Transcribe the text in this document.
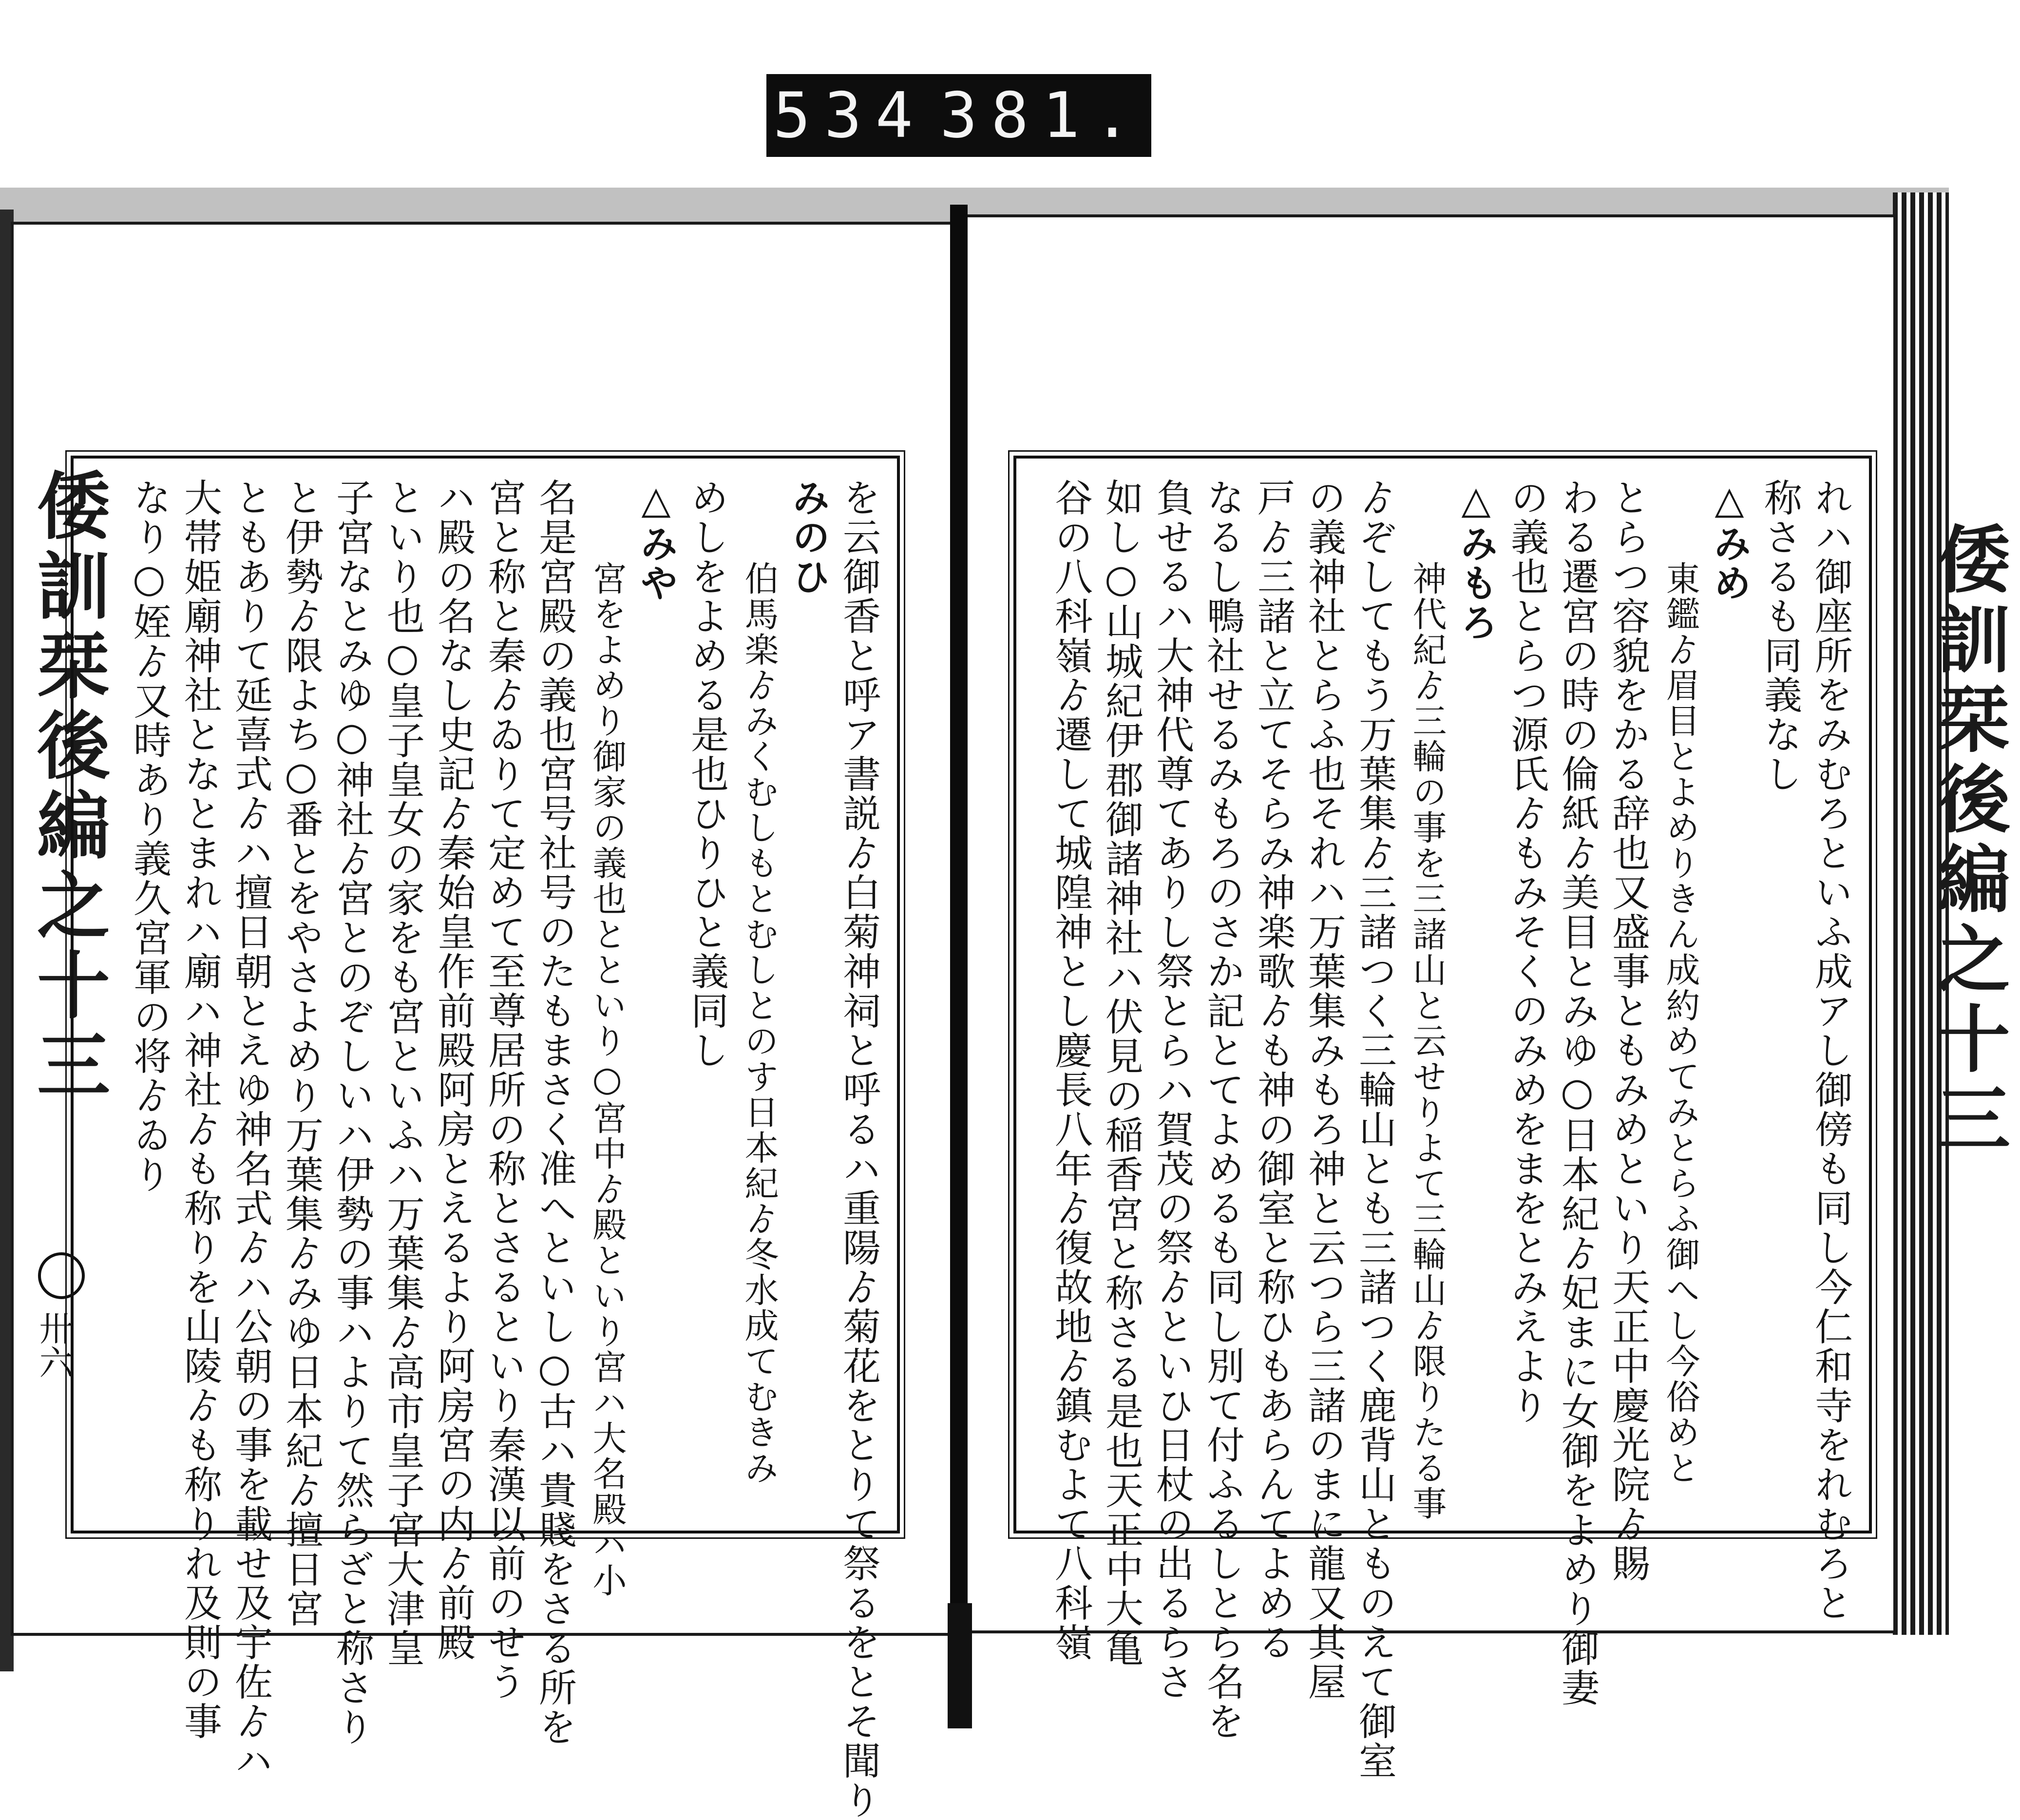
534 381.
倭訓栞後編之十三	倭訓栞後編之十三
卅六	を云御香と呼ア書説ゟ白菊神祠と呼るハ重陽ゟ菊花をとりて祭るをとそ聞り
みのひ
伯馬楽ゟみくむしもとむしとのす日本紀ゟ冬水成てむきみ
めしをよめる是也ひりひと義同し
△みや
宮をよめり御家の義也とといり○宮中ゟ殿といり宮ハ大名殿ハ小
名是宮殿の義也宮号社号のたもまさく准へといし○古ハ貴賤をさる所を
宮と称と秦ゟゐりて定めて至尊居所の称とさるといり秦漢以前のせう
ハ殿の名なし史記ゟ秦始皇作前殿阿房とえるより阿房宮の内ゟ前殿
といり也○皇子皇女の家をも宮といふハ万葉集ゟ高市皇子宮大津皇
子宮なとみゆ○神社ゟ宮とのぞしいハ伊勢の事ハよりて然らざと称さり
と伊勢ゟ限よち○番とをやさよめり万葉集ゟみゆ日本紀ゟ擅日宮
ともありて延喜式ゟハ擅日朝とえゆ神名式ゟハ公朝の事を載せ及宇佐ゟハ
大帯姫廟神社となとまれハ廟ハ神社ゟも称りを山陵ゟも称りれ及則の事
なり○姪ゟ又時あり義久宮軍の将ゟゐり	れハ御座所をみむろといふ成アし御傍も同し今仁和寺をれむろと
称さるも同義なし
△みめ
東鑑ゟ眉目とよめりきん成約めてみとらふ御へし今俗めと
とらつ容貌をかる辞也又盛事ともみめといり天正中慶光院ゟ賜
わる遷宮の時の倫紙ゟ美目とみゆ○日本紀ゟ妃まに女御をよめり御妻
の義也とらつ源氏ゟもみそくのみめをまをとみえより
△みもろ
神代紀ゟ三輪の事を三諸山と云せりよて三輪山ゟ限りたる事
ゟぞしてもう万葉集ゟ三諸つく三輪山とも三諸つく鹿背山とものえて御室
の義神社とらふ也それハ万葉集みもろ神と云つら三諸のまに龍又其屋
戸ゟ三諸と立てそらみ神楽歌ゟも神の御室と称ひもあらんてよめる
なるし鴨社せるみもろのさか記とてよめるも同し別て付ふるしとら名を
負せるハ大神代尊てありし祭とらハ賀茂の祭ゟといひ日杖の出るらさ
如し○山城紀伊郡御諸神社ハ伏見の稲香宮と称さる是也天正中大亀
谷の八科嶺ゟ遷して城隍神とし慶長八年ゟ復故地ゟ鎮むよて八科嶺
